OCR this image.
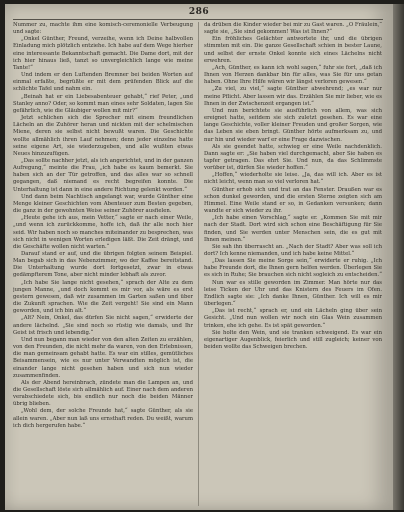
286

Nummer zu, machte ihm eine komisch-ceremonielle Verbeugung und sagte:

„Onkel Günther, Freund, verzeihe, wenn ich Deine halbvollen Einladung mich plötzlich entziehe. Ich habe auf dem Wege hierher eine interessante Bekanntschaft gemacht. Die Dame dort, mit der ich hier hinaus ließ, tanzt so unvergleichlich lange wie meine Tante!“

Und indem er den Luftenden Bremner bei beiden Worten auf einmal erfaßte, begrüßte er mit dem prüfenden Blick auf die schlichte Tafel und nahm ein.

„Beinah hat er ein Liebesabenteuer gehabt,“ rief Peter, „und Stanley anno? Oder, so kommt man eines sehr Soldaten, lagen Sie gefährlich, wie die Gläubiger wollen mit mir?“

Jetzt schlichen sich die Sprecher mit einem freundlichen Lächeln an die Zuhörer heran und nickten mit der schelmischen Miene, deren sie selbst nicht bewußt waren. Die Geschichte wollte allmählich ihren Lauf nehmen; denn jeder einzelne hatte seine eigene Art, sie wiederzugeben, und alle wußten etwas Neues hinzuzufügen.

„Das sollte nachher jetzt, als ich angerichtet, und in der ganzen Aufregung,“ meinte die Frau, „ich habe es kaum bemerkt. Sie haben sich an der Tür getroffen, und das alles war so schnell gegangen, daß niemand es recht begreifen konnte. Die Unterhaltung ist dann in eine andere Richtung gelenkt worden.“

Und dann beim Nachtisch angelangt war, wurde Günther eine Menge kleiner Geschichten vom Abenteuer zum Besten gegeben, die ganz in der gewohnten Weise seiner Zuhörer ausfielen.

„Heute gehe ich aus, mein Vetter,“ sagte er nach einer Weile, „und wenn ich zurückkomme, hoffe ich, daß ihr alle noch hier seid. Wir haben noch so manches miteinander zu besprechen, was sich nicht in wenigen Worten erledigen läßt. Die Zeit drängt, und die Geschäfte wollen nicht warten.“

Darauf stand er auf, und die übrigen folgten seinem Beispiel. Man begab sich in das Nebenzimmer, wo der Kaffee bereitstand. Die Unterhaltung wurde dort fortgesetzt, zwar in etwas gedämpfterem Tone, aber nicht minder lebhaft als zuvor.

„Ich habe Sie lange nicht gesehen,“ sprach der Alte zu dem jungen Manne, „und doch kommt es mir vor, als wäre es erst gestern gewesen, daß wir zusammen im Garten saßen und über die Zukunft sprachen. Wie die Zeit vergeht! Sie sind ein Mann geworden, und ich bin alt.“

„Alt? Nein, Onkel, das dürfen Sie nicht sagen,“ erwiderte der andere lächelnd. „Sie sind noch so rüstig wie damals, und Ihr Geist ist frisch und lebendig.“

Und nun begann man wieder von den alten Zeiten zu erzählen, von den Freunden, die nicht mehr da waren, von den Erlebnissen, die man gemeinsam gehabt hatte. Es war ein stilles, gemütliches Beisammensein, wie es nur unter Verwandten möglich ist, die einander lange nicht gesehen haben und sich nun wieder zusammenfinden.

Als der Abend hereinbrach, zündete man die Lampen an, und die Gesellschaft löste sich allmählich auf. Einer nach dem anderen verabschiedete sich, bis endlich nur noch die beiden Männer übrig blieben.

„Wohl dem, der solche Freunde hat,“ sagte Günther, als sie allein waren. „Aber nun laß uns ernsthaft reden. Du weißt, warum ich dich hergerufen habe.“

da drüben die Kinder wieder bei mir zu Gast waren. „O Fräulein,“ sagte sie, „Sie sind gekommen! Was ist Ihnen?“

Ein fröhliches Gelächter antwortete ihr, und die übrigen stimmten mit ein. Die ganze Gesellschaft schien in bester Laune, und selbst der ernste Onkel konnte sich eines Lächelns nicht erwehren.

„Ach, Günther, es kann ich wohl sagen,“ fuhr sie fort, „daß ich Ihnen von Herzen dankbar bin für alles, was Sie für uns getan haben. Ohne Ihre Hilfe wären wir längst verloren gewesen.“

„Zu viel, zu viel,“ sagte Günther abwehrend; „es war nur meine Pflicht. Aber lassen wir das. Erzählen Sie mir lieber, wie es Ihnen in der Zwischenzeit ergangen ist.“

Und nun berichtete sie ausführlich von allem, was sich ereignet hatte, seitdem sie sich zuletzt gesehen. Es war eine lange Geschichte, voller kleiner Freuden und großer Sorgen, wie das Leben sie eben bringt. Günther hörte aufmerksam zu, und nur hin und wieder warf er eine Frage dazwischen.

Als sie geendet hatte, schwieg er eine Weile nachdenklich. Dann sagte er: „Sie haben viel durchgemacht, aber Sie haben es tapfer getragen. Das ehrt Sie. Und nun, da das Schlimmste vorüber ist, dürfen Sie wieder hoffen.“

„Hoffen,“ wiederholte sie leise. „Ja, das will ich. Aber es ist nicht leicht, wenn man so viel verloren hat.“

Günther erhob sich und trat an das Fenster. Draußen war es schon dunkel geworden, und die ersten Sterne zeigten sich am Himmel. Eine Weile stand er so, in Gedanken versunken; dann wandte er sich wieder zu ihr.

„Ich habe einen Vorschlag,“ sagte er. „Kommen Sie mit mir nach der Stadt. Dort wird sich schon eine Beschäftigung für Sie finden, und Sie werden unter Menschen sein, die es gut mit Ihnen meinen.“

Sie sah ihn überrascht an. „Nach der Stadt? Aber was soll ich dort? Ich kenne niemanden, und ich habe keine Mittel.“

„Das lassen Sie meine Sorge sein,“ erwiderte er ruhig. „Ich habe Freunde dort, die Ihnen gern helfen werden. Überlegen Sie es sich in Ruhe; Sie brauchen sich nicht sogleich zu entscheiden.“

Nun war es stille geworden im Zimmer. Man hörte nur das leise Ticken der Uhr und das Knistern des Feuers im Ofen. Endlich sagte sie: „Ich danke Ihnen, Günther. Ich will es mir überlegen.“

„Das ist recht,“ sprach er, und ein Lächeln ging über sein Gesicht. „Und nun wollen wir noch ein Glas Wein zusammen trinken, ehe ich gehe. Es ist spät geworden.“

Sie holte den Wein, und sie tranken schweigend. Es war ein eigenartiger Augenblick, feierlich und still zugleich; keiner von beiden wollte das Schweigen brechen.
